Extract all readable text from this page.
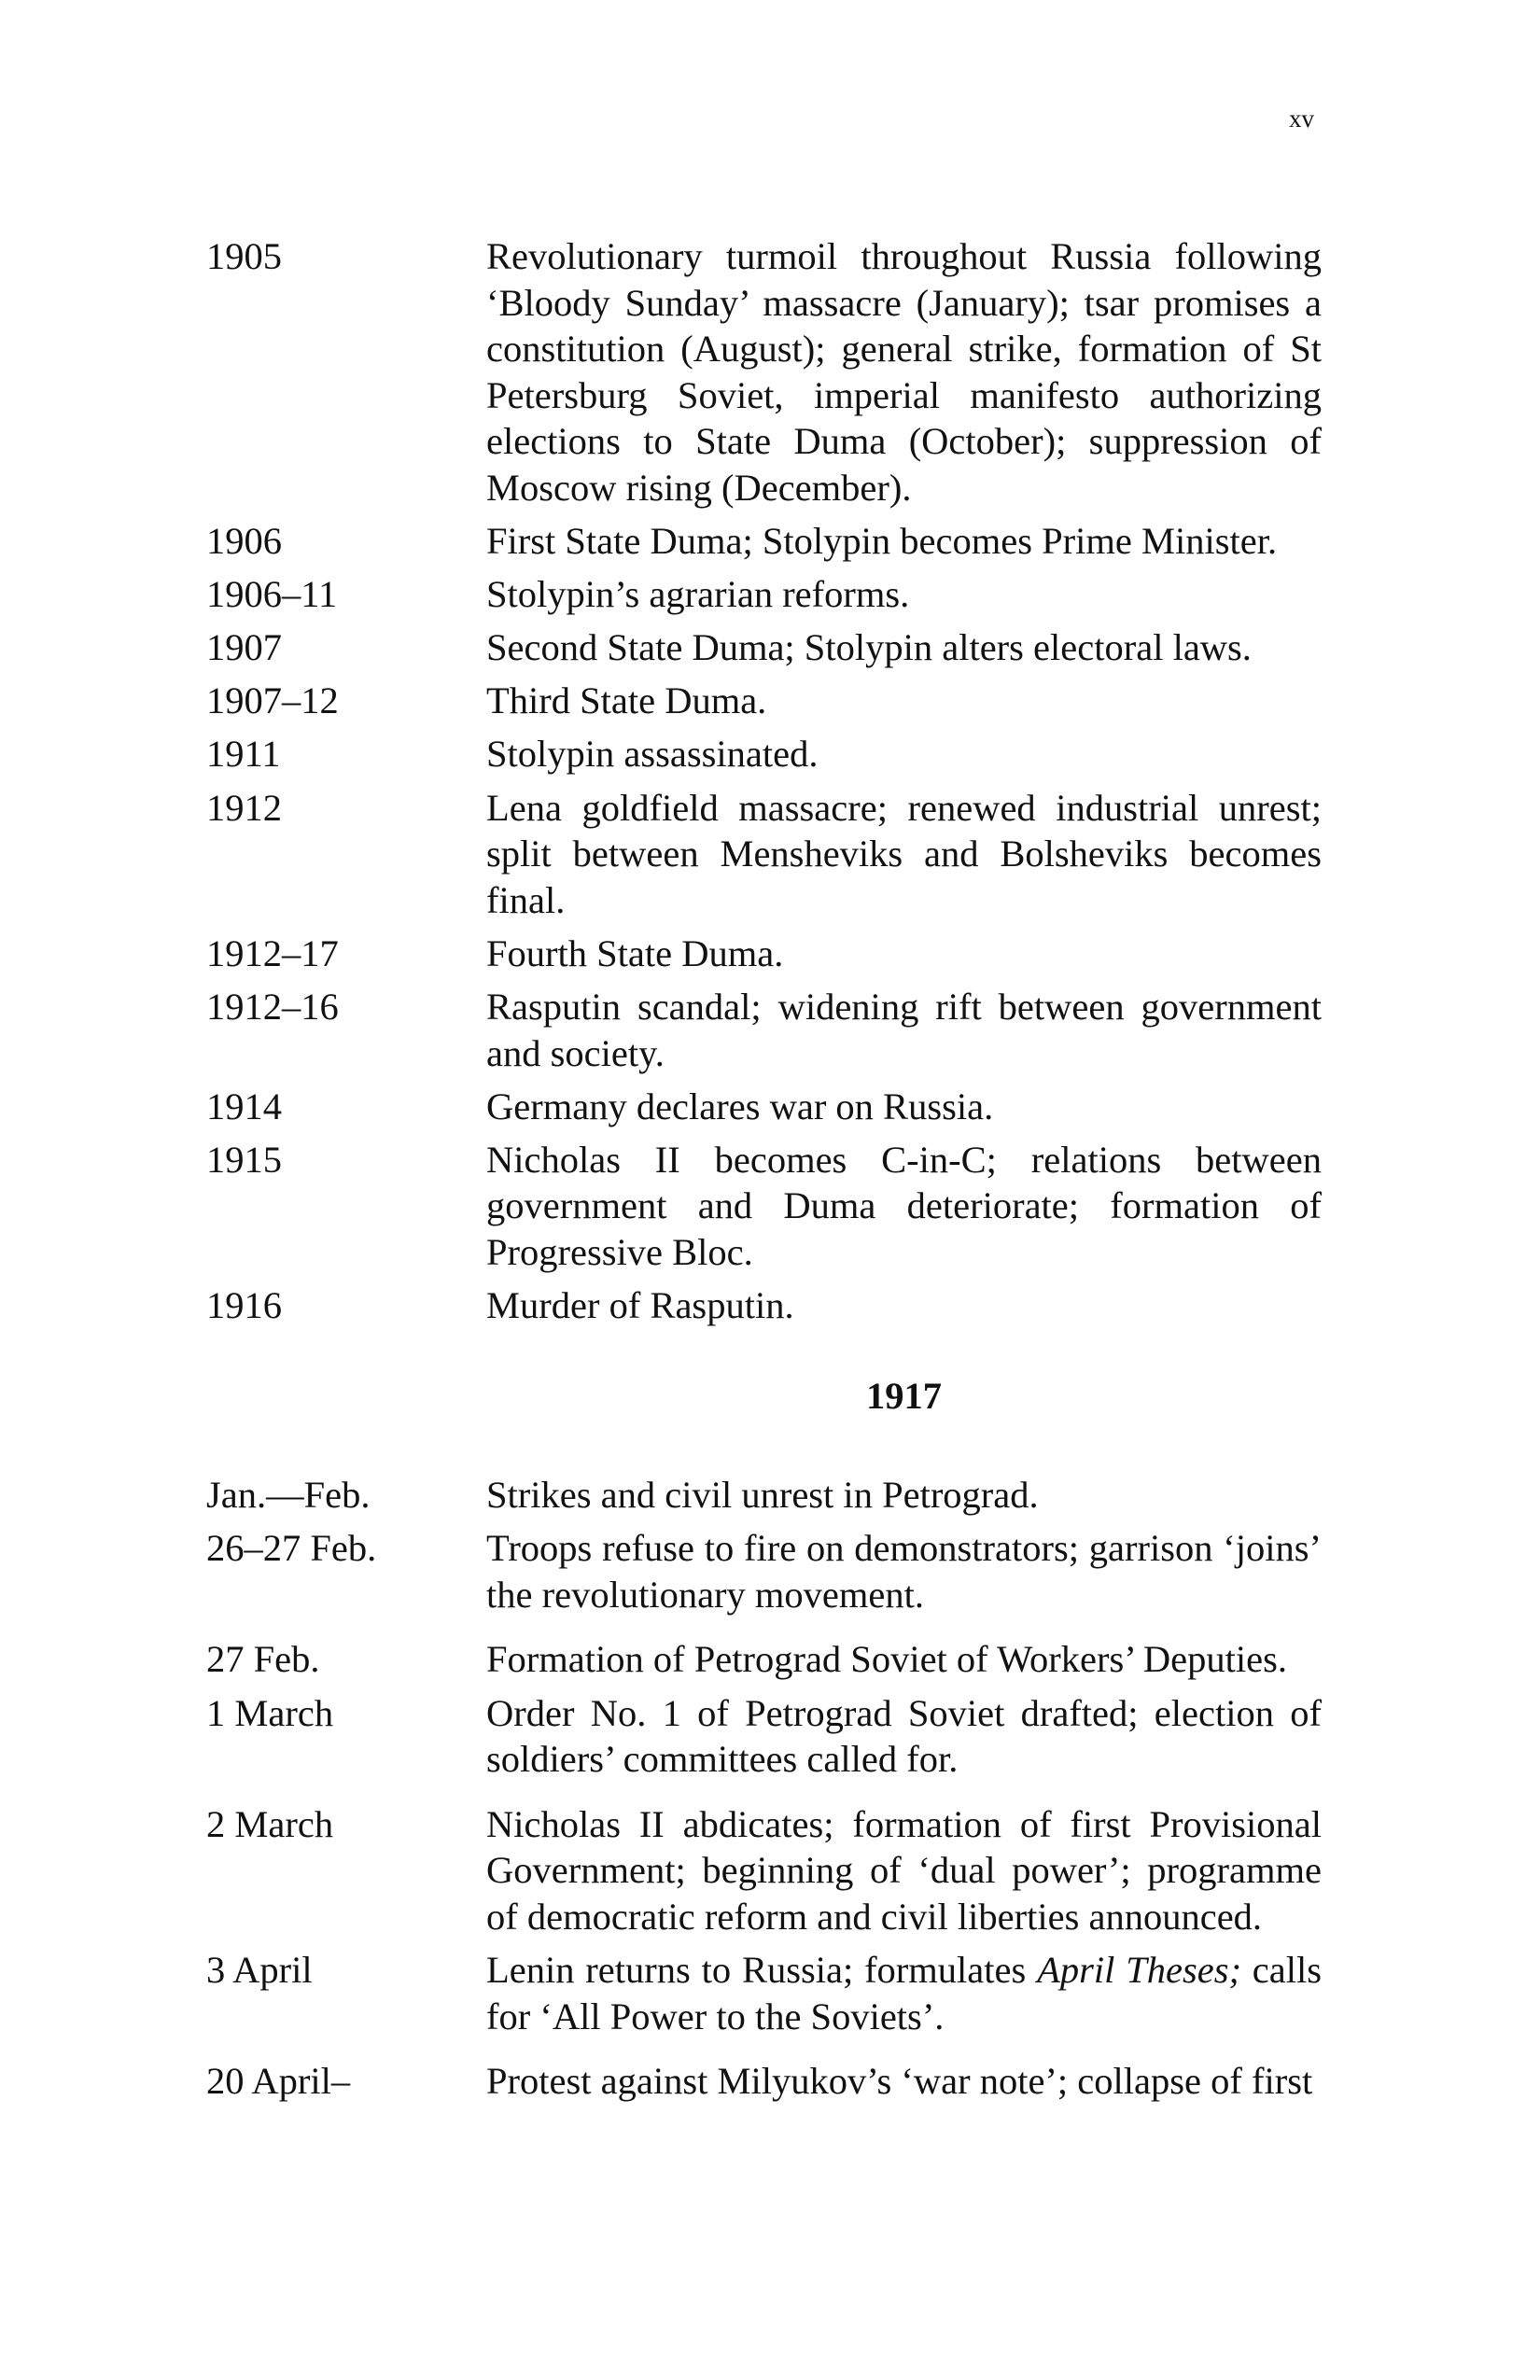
xv
1905	Revolutionary turmoil throughout Russia following ‘Bloody Sunday’ massacre (January); tsar promises a constitution (August); general strike, formation of St Petersburg Soviet, imperial manifesto authorizing elections to State Duma (October); suppression of Moscow rising (December).
1906	First State Duma; Stolypin becomes Prime Minister.
1906–11	Stolypin’s agrarian reforms.
1907	Second State Duma; Stolypin alters electoral laws.
1907–12	Third State Duma.
1911	Stolypin assassinated.
1912	Lena goldfield massacre; renewed industrial unrest; split between Mensheviks and Bolsheviks becomes final.
1912–17	Fourth State Duma.
1912–16	Rasputin scandal; widening rift between government and society.
1914	Germany declares war on Russia.
1915	Nicholas II becomes C-in-C; relations between government and Duma deteriorate; formation of Progressive Bloc.
1916	Murder of Rasputin.
1917
Jan.—Feb.	Strikes and civil unrest in Petrograd.
26–27 Feb.	Troops refuse to fire on demonstrators; garrison ‘joins’ the revolutionary movement.
27 Feb.	Formation of Petrograd Soviet of Workers’ Deputies.
1 March	Order No. 1 of Petrograd Soviet drafted; election of soldiers’ committees called for.
2 March	Nicholas II abdicates; formation of first Provisional Government; beginning of ‘dual power’; programme of democratic reform and civil liberties announced.
3 April	Lenin returns to Russia; formulates April Theses; calls for ‘All Power to the Soviets’.
20 April–	Protest against Milyukov’s ‘war note’; collapse of first
